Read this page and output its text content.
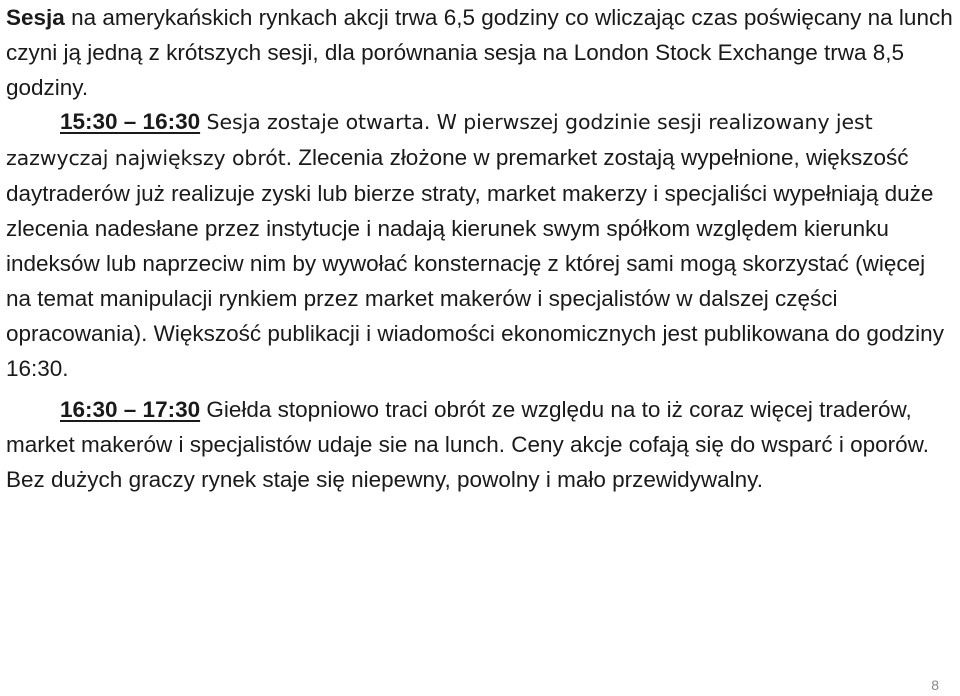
Sesja na amerykańskich rynkach akcji trwa 6,5 godziny co wliczając czas poświęcany na lunch czyni ją jedną z krótszych sesji, dla porównania sesja na London Stock Exchange trwa 8,5 godziny.

15:30 – 16:30 Sesja zostaje otwarta. W pierwszej godzinie sesji realizowany jest zazwyczaj największy obrót. Zlecenia złożone w premarket zostają wypełnione, większość daytraderów już realizuje zyski lub bierze straty, market makerzy i specjaliści wypełniają duże zlecenia nadesłane przez instytucje i nadają kierunek swym spółkom względem kierunku indeksów lub naprzeciw nim by wywołać konsternację z której sami mogą skorzystać (więcej na temat manipulacji rynkiem przez market makerów i specjalistów w dalszej części opracowania). Większość publikacji i wiadomości ekonomicznych jest publikowana do godziny 16:30.

16:30 – 17:30 Giełda stopniowo traci obrót ze względu na to iż coraz więcej traderów, market makerów i specjalistów udaje sie na lunch. Ceny akcje cofają się do wsparć i oporów. Bez dużych graczy rynek staje się niepewny, powolny i mało przewidywalny.

8
